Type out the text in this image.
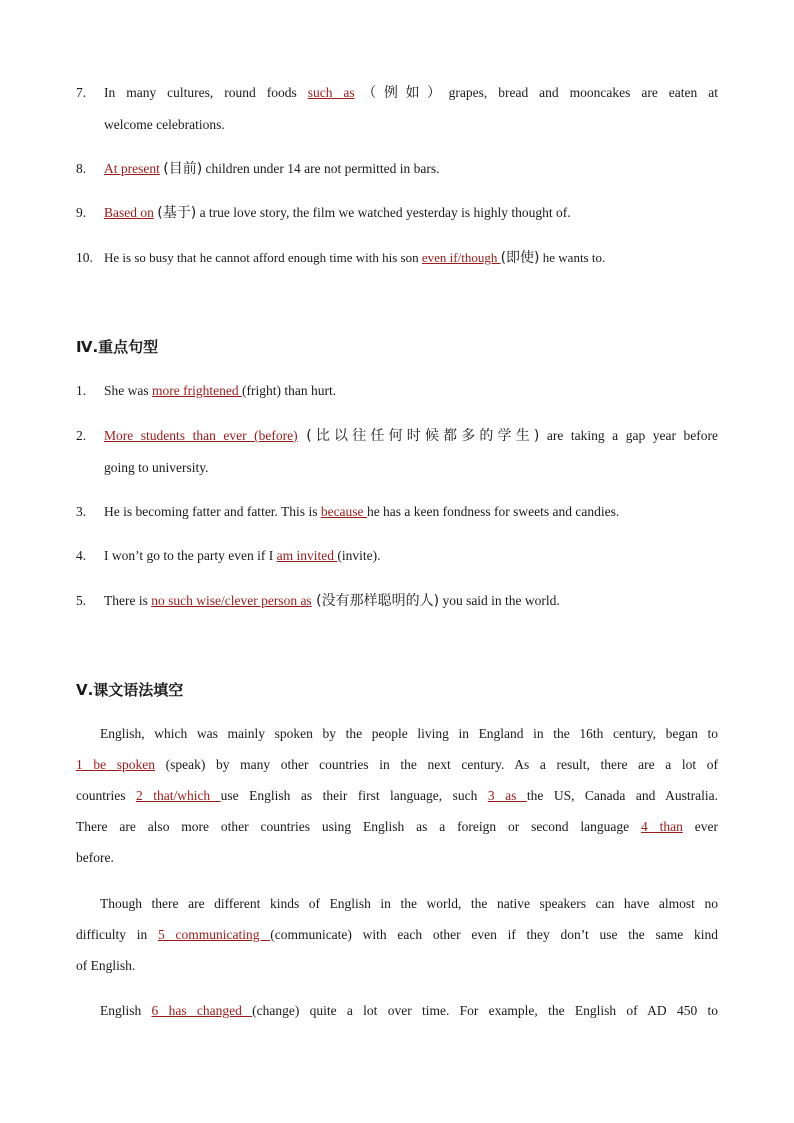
7. In many cultures, round foods such as（例如）grapes, bread and mooncakes are eaten at
welcome celebrations.
8. At present (目前) children under 14 are not permitted in bars.
9. Based on (基于) a true love story, the film we watched yesterday is highly thought of.
10. He is so busy that he cannot afford enough time with his son even if/though (即使) he wants to.
Ⅳ.重点句型
1. She was more frightened (fright) than hurt.
2. More students than ever (before) (比以往任何时候都多的学生) are taking a gap year before
going to university.
3. He is becoming fatter and fatter. This is because he has a keen fondness for sweets and candies.
4. I won’t go to the party even if I am invited (invite).
5. There is no such wise/clever person as (没有那样聪明的人) you said in the world.
Ⅴ.课文语法填空
English, which was mainly spoken by the people living in England in the 16th century, began to
1 be spoken (speak) by many other countries in the next century. As a result, there are a lot of
countries 2 that/which use English as their first language, such 3 as the US, Canada and Australia.
There are also more other countries using English as a foreign or second language 4 than ever
before.
Though there are different kinds of English in the world, the native speakers can have almost no
difficulty in 5 communicating (communicate) with each other even if they don’t use the same kind
of English.
English 6 has changed (change) quite a lot over time. For example, the English of AD 450 to
